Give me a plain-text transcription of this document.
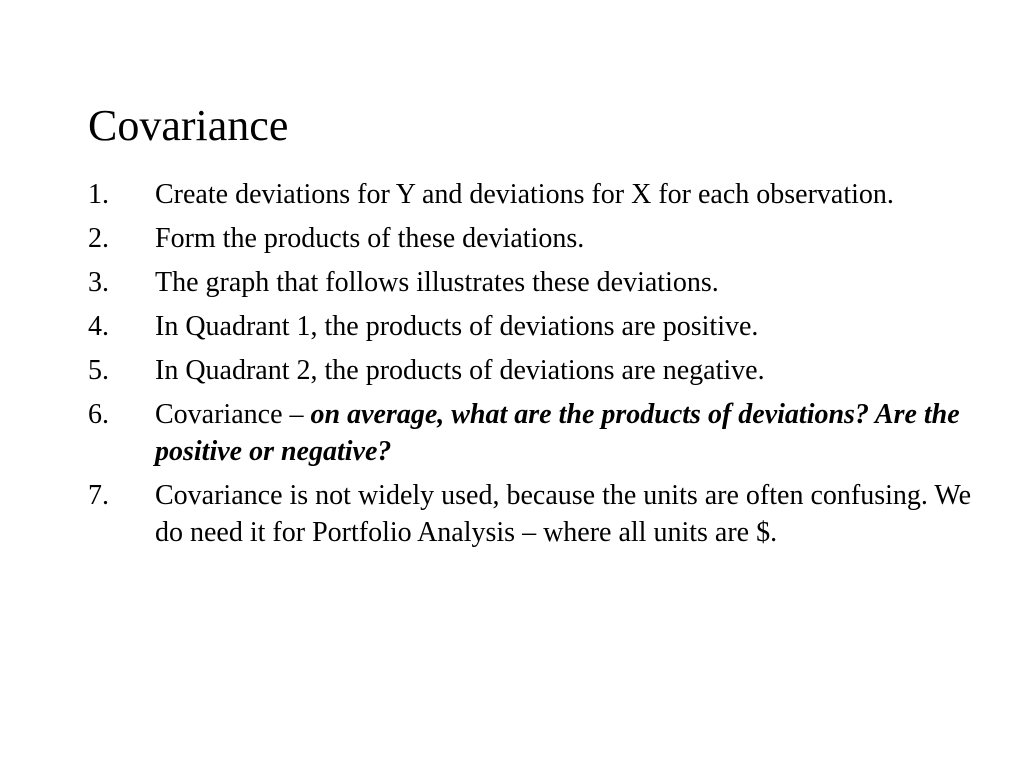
Covariance
1.	Create deviations for Y and deviations for X for each observation.
2.	Form the products of these deviations.
3.	The graph that follows illustrates these deviations.
4.	In Quadrant 1, the products of deviations are positive.
5.	In Quadrant 2, the products of deviations are negative.
6.	Covariance – on average, what are the products of deviations? Are the positive or negative?
7.	Covariance is not widely used, because the units are often confusing. We do need it for Portfolio Analysis – where all units are $.
